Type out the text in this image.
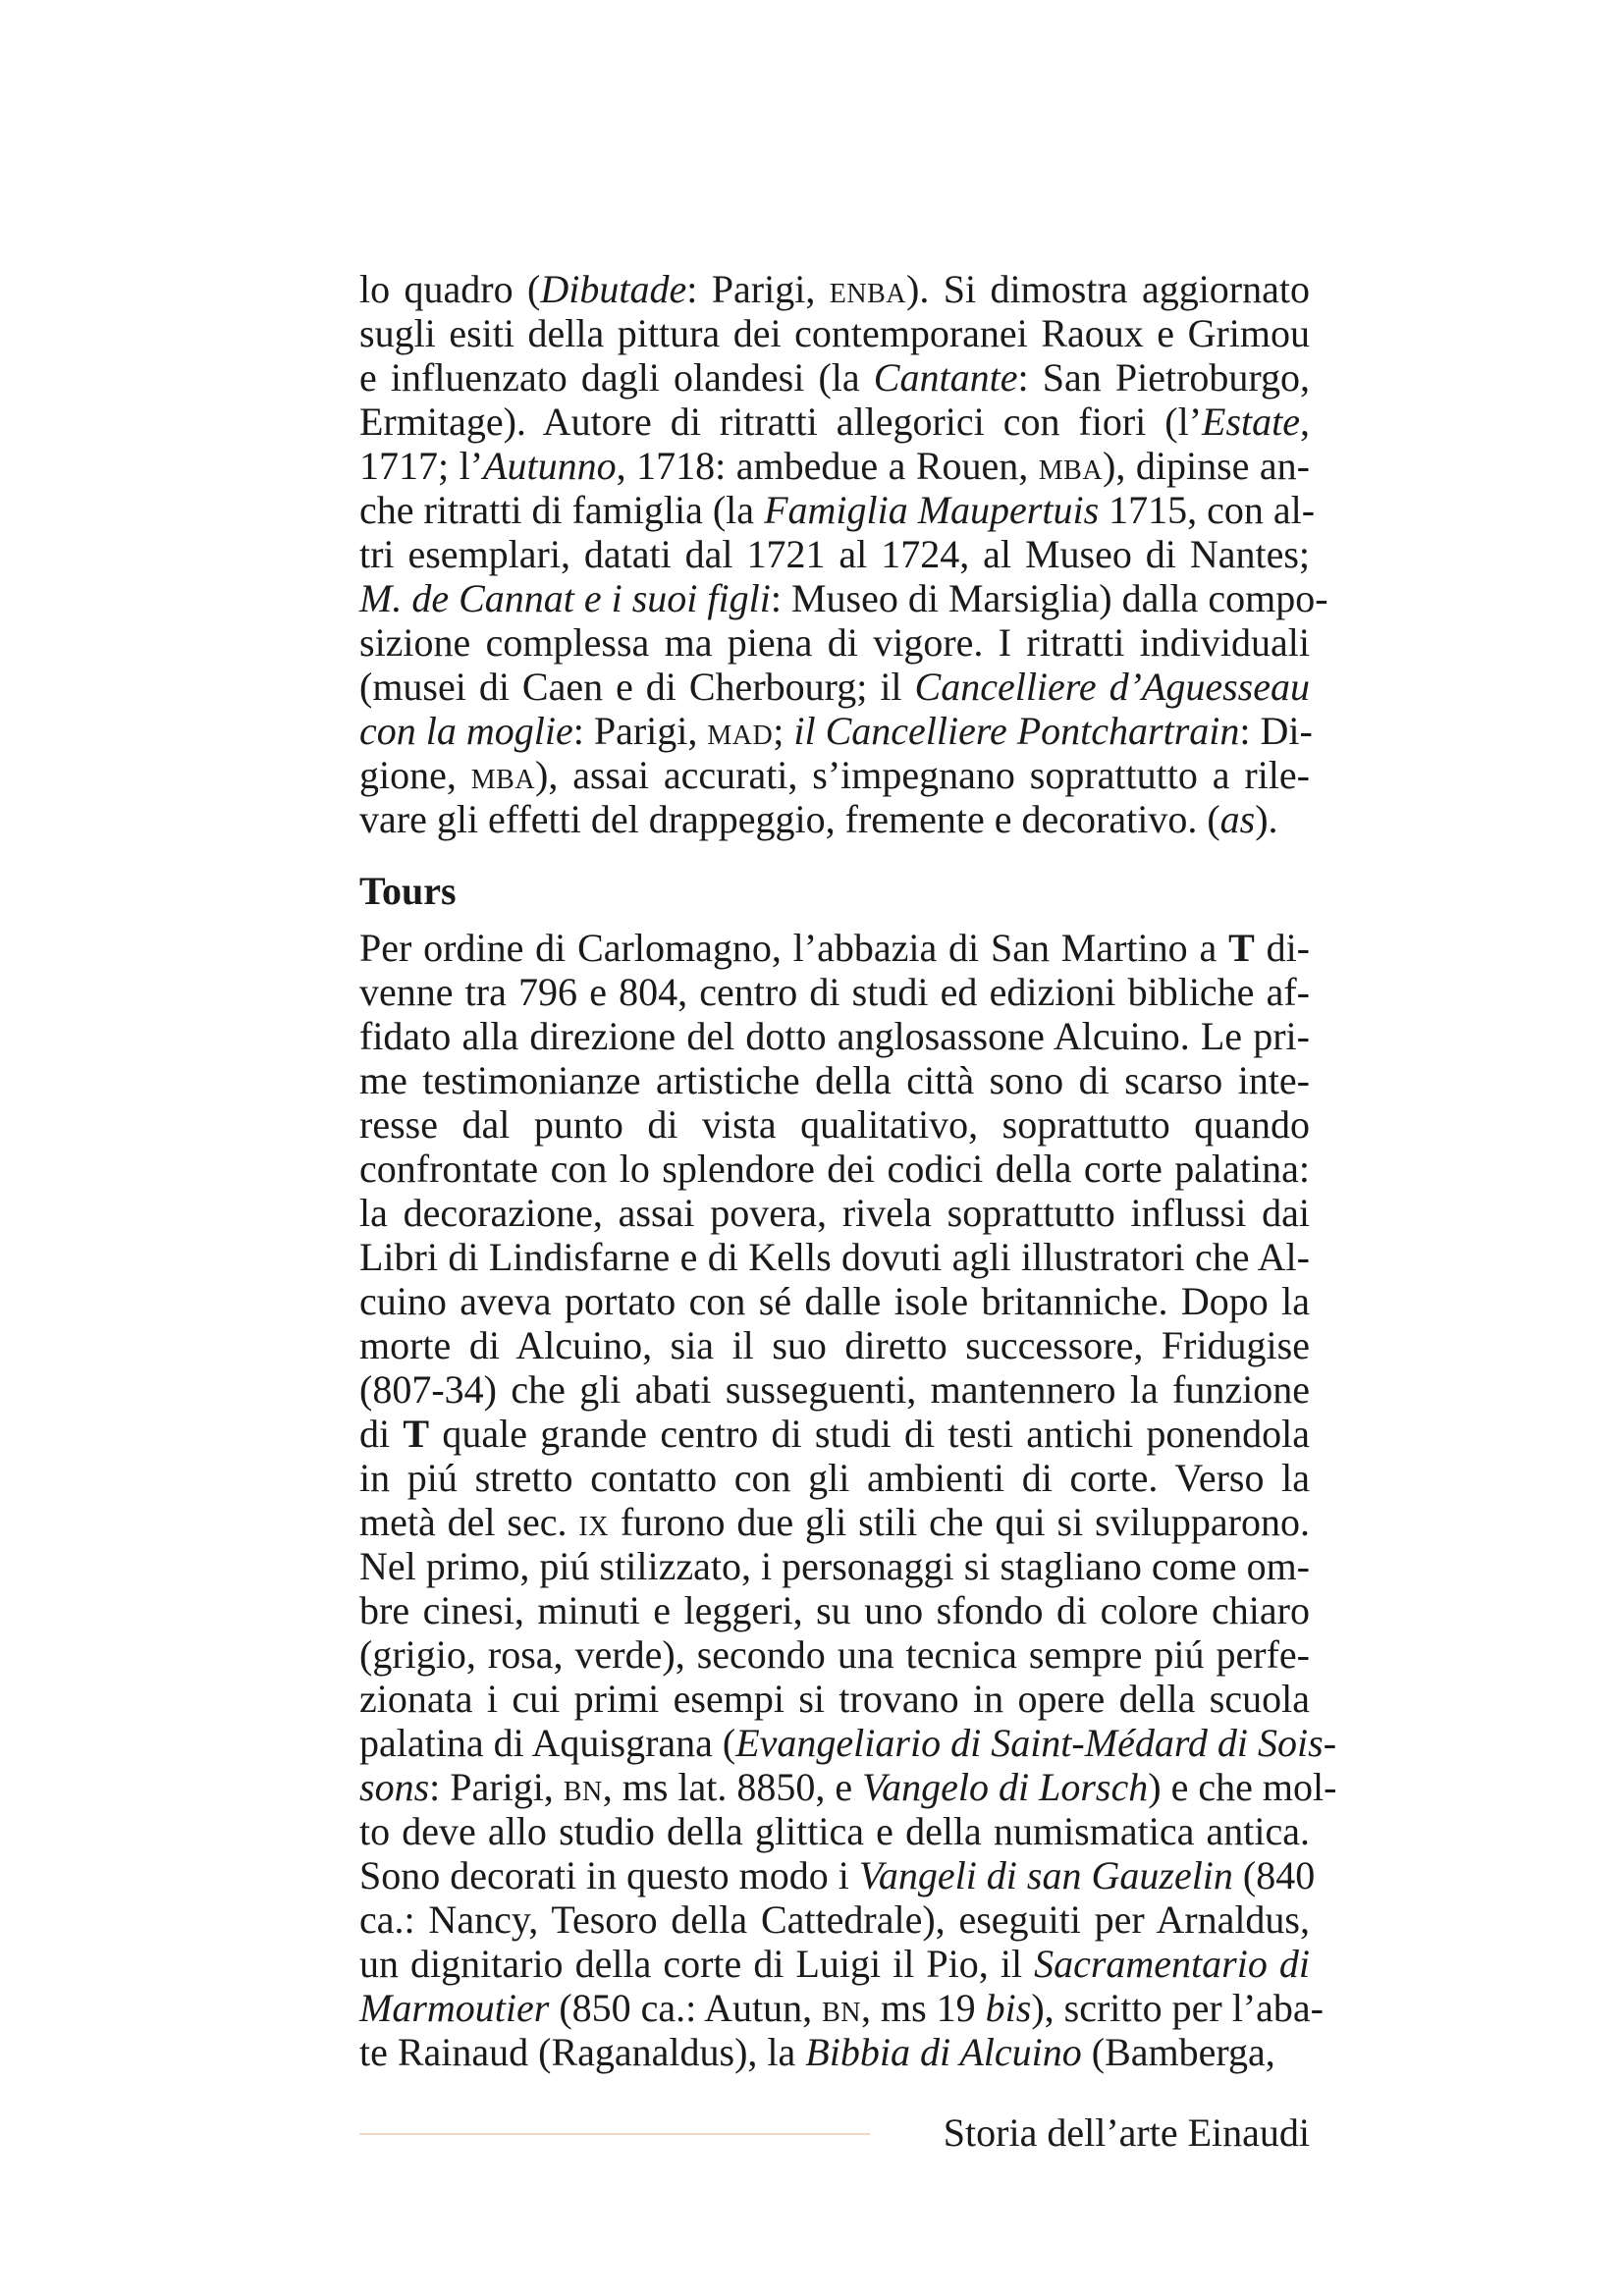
lo quadro (Dibutade: Parigi, enba). Si dimostra aggiornato
sugli esiti della pittura dei contemporanei Raoux e Grimou
e influenzato dagli olandesi (la Cantante: San Pietroburgo,
Ermitage). Autore di ritratti allegorici con fiori (l’Estate,
1717; l’Autunno, 1718: ambedue a Rouen, mba), dipinse an-
che ritratti di famiglia (la Famiglia Maupertuis 1715, con al-
tri esemplari, datati dal 1721 al 1724, al Museo di Nantes;
M. de Cannat e i suoi figli: Museo di Marsiglia) dalla compo-
sizione complessa ma piena di vigore. I ritratti individuali
(musei di Caen e di Cherbourg; il Cancelliere d’Aguesseau
con la moglie: Parigi, mad; il Cancelliere Pontchartrain: Di-
gione, mba), assai accurati, s’impegnano soprattutto a rile-
vare gli effetti del drappeggio, fremente e decorativo. (as).
Tours
Per ordine di Carlomagno, l’abbazia di San Martino a T di-
venne tra 796 e 804, centro di studi ed edizioni bibliche af-
fidato alla direzione del dotto anglosassone Alcuino. Le pri-
me testimonianze artistiche della città sono di scarso inte-
resse dal punto di vista qualitativo, soprattutto quando
confrontate con lo splendore dei codici della corte palatina:
la decorazione, assai povera, rivela soprattutto influssi dai
Libri di Lindisfarne e di Kells dovuti agli illustratori che Al-
cuino aveva portato con sé dalle isole britanniche. Dopo la
morte di Alcuino, sia il suo diretto successore, Fridugise
(807-34) che gli abati susseguenti, mantennero la funzione
di T quale grande centro di studi di testi antichi ponendola
in piú stretto contatto con gli ambienti di corte. Verso la
metà del sec. ix furono due gli stili che qui si svilupparono.
Nel primo, piú stilizzato, i personaggi si stagliano come om-
bre cinesi, minuti e leggeri, su uno sfondo di colore chiaro
(grigio, rosa, verde), secondo una tecnica sempre piú perfe-
zionata i cui primi esempi si trovano in opere della scuola
palatina di Aquisgrana (Evangeliario di Saint-Médard di Sois-
sons: Parigi, bn, ms lat. 8850, e Vangelo di Lorsch) e che mol-
to deve allo studio della glittica e della numismatica antica.
Sono decorati in questo modo i Vangeli di san Gauzelin (840
ca.: Nancy, Tesoro della Cattedrale), eseguiti per Arnaldus,
un dignitario della corte di Luigi il Pio, il Sacramentario di
Marmoutier (850 ca.: Autun, bn, ms 19 bis), scritto per l’aba-
te Rainaud (Raganaldus), la Bibbia di Alcuino (Bamberga,
Storia dell’arte Einaudi
